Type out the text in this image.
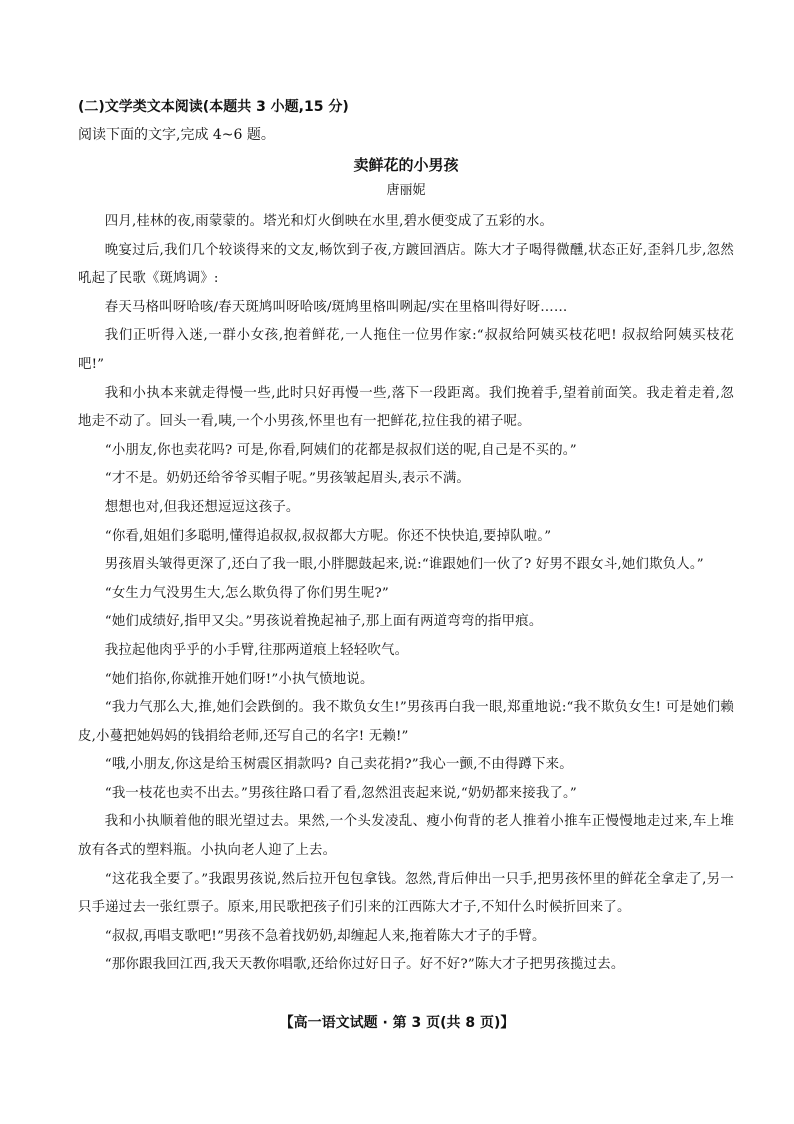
(二)文学类文本阅读(本题共 3 小题,15 分)
阅读下面的文字,完成 4~6 题。
卖鲜花的小男孩
唐丽妮

四月,桂林的夜,雨蒙蒙的。塔光和灯火倒映在水里,碧水便变成了五彩的水。

晚宴过后,我们几个较谈得来的文友,畅饮到子夜,方踱回酒店。陈大才子喝得微醺,状态正好,歪斜几步,忽然吼起了民歌《斑鸠调》:

春天马格叫呀哈咳/春天斑鸠叫呀哈咳/斑鸠里格叫咧起/实在里格叫得好呀……

我们正听得入迷,一群小女孩,抱着鲜花,一人拖住一位男作家:“叔叔给阿姨买枝花吧! 叔叔给阿姨买枝花吧!”

我和小执本来就走得慢一些,此时只好再慢一些,落下一段距离。我们挽着手,望着前面笑。我走着走着,忽地走不动了。回头一看,咦,一个小男孩,怀里也有一把鲜花,拉住我的裙子呢。

“小朋友,你也卖花吗? 可是,你看,阿姨们的花都是叔叔们送的呢,自己是不买的。”

“才不是。奶奶还给爷爷买帽子呢。”男孩皱起眉头,表示不满。

想想也对,但我还想逗逗这孩子。

“你看,姐姐们多聪明,懂得追叔叔,叔叔都大方呢。你还不快快追,要掉队啦。”

男孩眉头皱得更深了,还白了我一眼,小胖腮鼓起来,说:“谁跟她们一伙了? 好男不跟女斗,她们欺负人。”

“女生力气没男生大,怎么欺负得了你们男生呢?”

“她们成绩好,指甲又尖。”男孩说着挽起袖子,那上面有两道弯弯的指甲痕。

我拉起他肉乎乎的小手臂,往那两道痕上轻轻吹气。

“她们掐你,你就推开她们呀!”小执气愤地说。

“我力气那么大,推,她们会跌倒的。我不欺负女生!”男孩再白我一眼,郑重地说:“我不欺负女生! 可是她们赖皮,小蔓把她妈妈的钱捐给老师,还写自己的名字! 无赖!”

“哦,小朋友,你这是给玉树震区捐款吗? 自己卖花捐?”我心一颤,不由得蹲下来。

“我一枝花也卖不出去。”男孩往路口看了看,忽然沮丧起来说,“奶奶都来接我了。”

我和小执顺着他的眼光望过去。果然,一个头发凌乱、瘦小佝背的老人推着小推车正慢慢地走过来,车上堆放有各式的塑料瓶。小执向老人迎了上去。

“这花我全要了。”我跟男孩说,然后拉开包包拿钱。忽然,背后伸出一只手,把男孩怀里的鲜花全拿走了,另一只手递过去一张红票子。原来,用民歌把孩子们引来的江西陈大才子,不知什么时候折回来了。

“叔叔,再唱支歌吧!”男孩不急着找奶奶,却缠起人来,拖着陈大才子的手臂。

“那你跟我回江西,我天天教你唱歌,还给你过好日子。好不好?”陈大才子把男孩揽过去。

【高一语文试题 · 第 3 页(共 8 页)】
